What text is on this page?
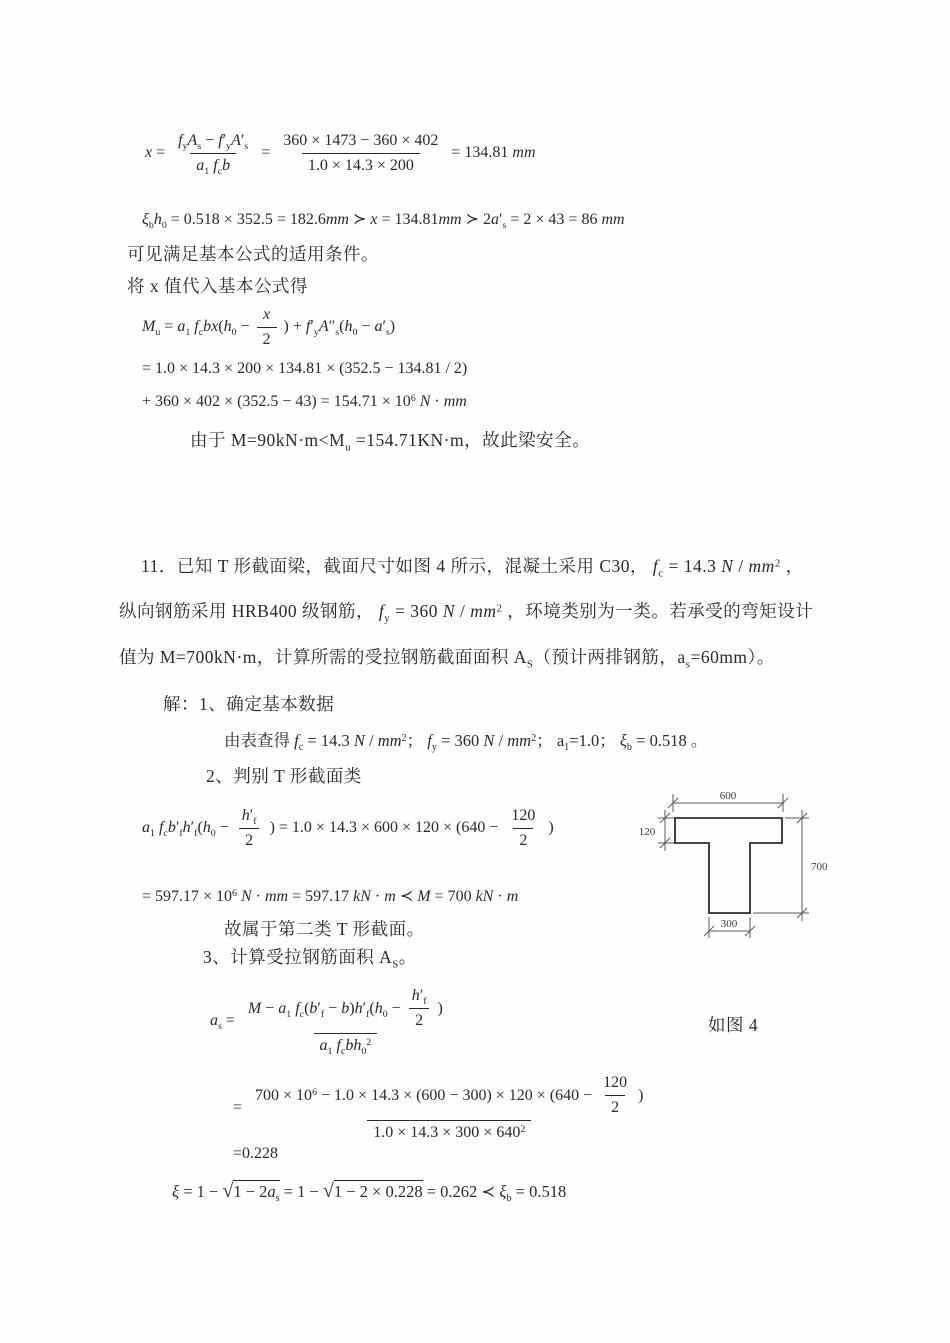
$x = \frac{f_yA_s - f'_yA'_s}{a_1 f_cb} = \frac{360 \times 1473 - 360 \times 402}{1.0 \times 14.3 \times 200} = 134.81$ mm
$\xi_bh_0 = 0.518 \times 352.5 = 182.6mm$ ≻ x = 134.81mm ≻ $2a'_s = 2 \times 43 = 86$ mm
可见满足基本公式的适用条件。
将 x 值代入基本公式得
$M_u = a_1$ $f_cbx(h_0 - \frac{x}{2}$ ) + $f'_yA''_s(h_0 - a'_s)$
= 1.0 × 14.3 × 200 × 134.81 × (352.5 − 134.81 / 2)
+ $360 \times 402 \times (352.5 - 43) = 154.71 \times 10^6$ N · mm
由于 $M=90kN\cdot m<M_u =154.71KN\cdot m$，故此梁安全。
11．已知 T 形截面梁，截面尺寸如图 4 所示，混凝土采用 C30， $f_c = 14.3$ N / $mm^2$ ，
纵向钢筋采用 HRB400 级钢筋， $f_y = 360$ N / $mm^2$ ，环境类别为一类。若承受的弯矩设计
值为 M=700kN·m，计算所需的受拉钢筋截面面积 $A_S$（预计两排钢筋，$a_s=60mm$）。
解：1、确定基本数据
由表查得 $f_c = 14.3$ N / $mm^2$； $f_y = 360$ N / $mm^2$； $a_1=1.0$； $\xi_b = 0.518$ 。
2、判别 T 形截面类
$a_1$ $f_cb'_fh'_f(h_0 - \frac{h'_f}{2}$ ) = $1.0 \times 14.3 \times 600 \times 120 \times (640 - \frac{120}{2}$ )
= $597.17 \times 10^6$ N · mm = 597.17 kN · m ≺ M = 700 kN · m
故属于第二类 T 形截面。
3、计算受拉钢筋面积 $A_S$。
$a_s$ =
$M - a_1$ $f_c(b'_f - b)h'_f(h_0 - \frac{h'_f}{2}$ )
$a_1$ $f_cbh_0^2$
=
$700 \times 10^6 - 1.0 \times 14.3 \times (600 - 300) \times 120 \times (640 - \frac{120}{2}$ )
$1.0 \times 14.3 \times 300 \times 640^2$
=0.228
$\xi = 1 - √1 - 2a_s = 1 - √1 - 2 \times 0.228 = 0.262$ ≺ $\xi_b = 0.518$
如图 4
600
120
700
300
